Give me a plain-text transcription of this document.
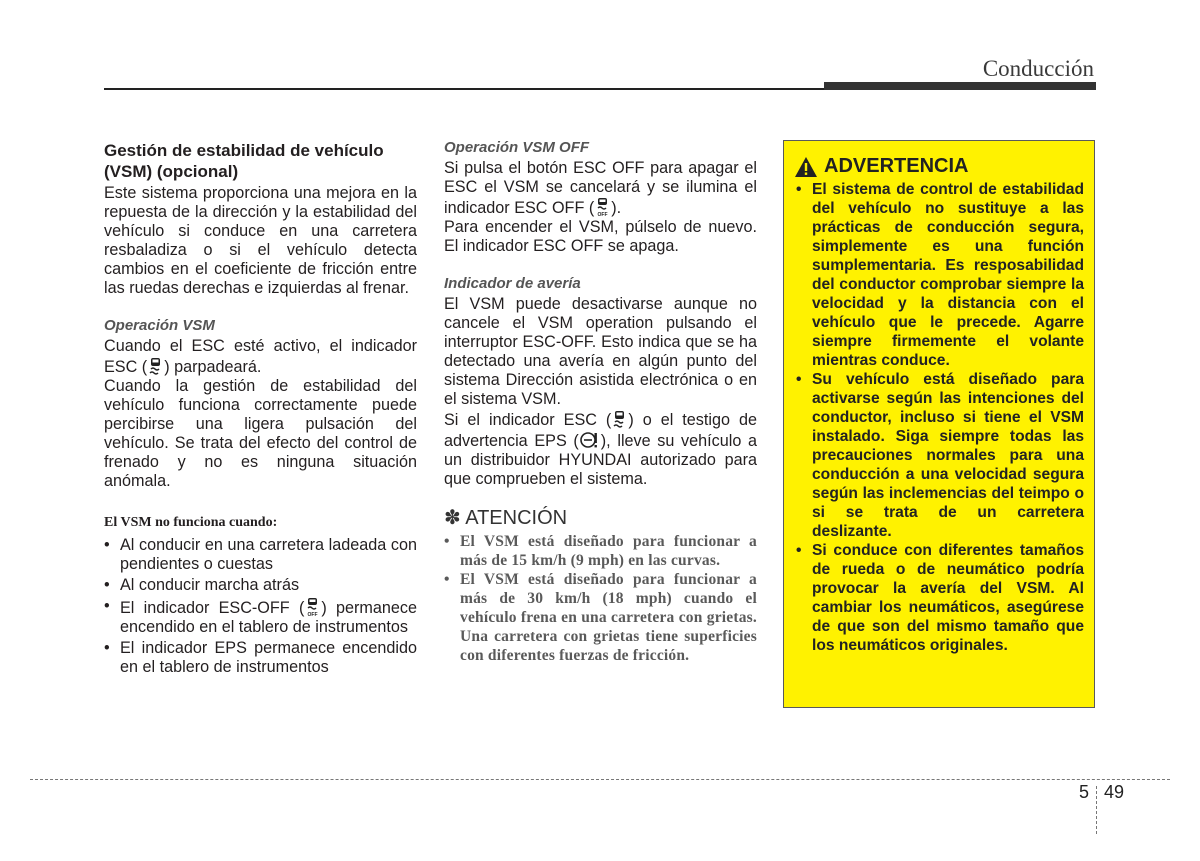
Conducción
Gestión de estabilidad de vehículo (VSM) (opcional)

Este sistema proporciona una mejora en la repuesta de la dirección y la estabilidad del vehículo si conduce en una carretera resbaladiza o si el vehículo detecta cambios en el coeficiente de fricción entre las ruedas derechas e izquierdas al frenar.

Operación VSM

Cuando el ESC esté activo, el indicador ESC ( ) parpadeará.

Cuando la gestión de estabilidad del vehículo funciona correctamente puede percibirse una ligera pulsación del vehículo. Se trata del efecto del control de frenado y no es ninguna situación anómala.

El VSM no funciona cuando:
• Al conducir en una carretera ladeada con pendientes o cuestas
• Al conducir marcha atrás
• El indicador ESC-OFF ( OFF ) permanece encendido en el tablero de instrumentos
• El indicador EPS permanece encendido en el tablero de instrumentos
Operación VSM OFF

Si pulsa el botón ESC OFF para apagar el ESC el VSM se cancelará y se ilumina el indicador ESC OFF ( OFF ).

Para encender el VSM, púlselo de nuevo. El indicador ESC OFF se apaga.

Indicador de avería

El VSM puede desactivarse aunque no cancele el VSM operation pulsando el interruptor ESC-OFF. Esto indica que se ha detectado una avería en algún punto del sistema Dirección asistida electrónica o en el sistema VSM.

Si el indicador ESC ( ) o el testigo de advertencia EPS ( ), lleve su vehículo a un distribuidor HYUNDAI autorizado para que comprueben el sistema.

✽ ATENCIÓN
• El VSM está diseñado para funcionar a más de 15 km/h (9 mph) en las curvas.
• El VSM está diseñado para funcionar a más de 30 km/h (18 mph) cuando el vehículo frena en una carretera con grietas. Una carretera con grietas tiene superficies con diferentes fuerzas de fricción.
ADVERTENCIA
• El sistema de control de estabilidad del vehículo no sustituye a las prácticas de conducción segura, simplemente es una función sumplementaria. Es resposabilidad del conductor comprobar siempre la velocidad y la distancia con el vehículo que le precede. Agarre siempre firmemente el volante mientras conduce.
• Su vehículo está diseñado para activarse según las intenciones del conductor, incluso si tiene el VSM instalado. Siga siempre todas las precauciones normales para una conducción a una velocidad segura según las inclemencias del teimpo o si se trata de un carretera deslizante.
• Si conduce con diferentes tamaños de rueda o de neumático podría provocar la avería del VSM. Al cambiar los neumáticos, asegúrese de que son del mismo tamaño que los neumáticos originales.
5 49
